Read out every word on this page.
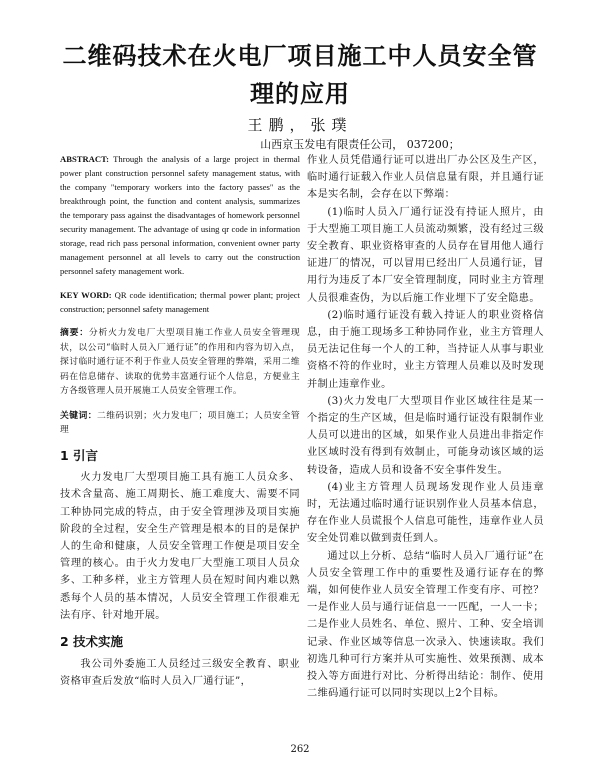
二维码技术在火电厂项目施工中人员安全管
理的应用
王鹏，张璞
山西京玉发电有限责任公司， 037200；

ABSTRACT: Through the analysis of a large project in thermal power plant construction personnel safety management status, with the company "temporary workers into the factory passes" as the breakthrough point, the function and content analysis, summarizes the temporary pass against the disadvantages of homework personnel security management. The advantage of using qr code in information storage, read rich pass personal information, convenient owner party management personnel at all levels to carry out the construction personnel safety management work.

KEY WORD: QR code identification; thermal power plant; project construction; personnel safety management

摘要：分析火力发电厂大型项目施工作业人员安全管理现状，以公司“临时人员入厂通行证”的作用和内容为切入点，探讨临时通行证不利于作业人员安全管理的弊端，采用二维码在信息储存、读取的优势丰富通行证个人信息，方便业主方各级管理人员开展施工人员安全管理工作。

关键词：二维码识别；火力发电厂；项目施工；人员安全管理

1 引言

火力发电厂大型项目施工具有施工人员众多、技术含量高、施工周期长、施工难度大、需要不同工种协同完成的特点，由于安全管理涉及项目实施阶段的全过程，安全生产管理是根本的目的是保护人的生命和健康，人员安全管理工作便是项目安全管理的核心。由于火力发电厂大型施工项目人员众多、工种多样，业主方管理人员在短时间内难以熟悉每个人员的基本情况，人员安全管理工作很难无法有序、针对地开展。

2 技术实施

我公司外委施工人员经过三级安全教育、职业资格审查后发放“临时人员入厂通行证”，

作业人员凭借通行证可以进出厂办公区及生产区，临时通行证载入作业人员信息量有限，并且通行证本是实名制，会存在以下弊端：

(1)临时人员入厂通行证没有持证人照片，由于大型施工项目施工人员流动频繁，没有经过三级安全教育、职业资格审查的人员存在冒用他人通行证进厂的情况，可以冒用已经出厂人员通行证，冒用行为违反了本厂安全管理制度，同时业主方管理人员很难查伪，为以后施工作业埋下了安全隐患。

(2)临时通行证没有载入持证人的职业资格信息，由于施工现场多工种协同作业，业主方管理人员无法记住每一个人的工种，当持证人从事与职业资格不符的作业时，业主方管理人员难以及时发现并制止违章作业。

(3)火力发电厂大型项目作业区域往往是某一个指定的生产区域，但是临时通行证没有限制作业人员可以进出的区域，如果作业人员进出非指定作业区域时没有得到有效制止，可能身动该区域的运转设备，造成人员和设备不安全事件发生。

(4)业主方管理人员现场发现作业人员违章时，无法通过临时通行证识别作业人员基本信息，存在作业人员谎报个人信息可能性，违章作业人员安全处罚难以做到责任到人。

通过以上分析、总结“临时人员入厂通行证”在人员安全管理工作中的重要性及通行证存在的弊端，如何使作业人员安全管理工作变有序、可控？一是作业人员与通行证信息一一匹配，一人一卡；二是作业人员姓名、单位、照片、工种、安全培训记录、作业区域等信息一次录入、快速读取。我们初选几种可行方案并从可实施性、效果预测、成本投入等方面进行对比、分析得出结论：制作、使用二维码通行证可以同时实现以上2个目标。

262
